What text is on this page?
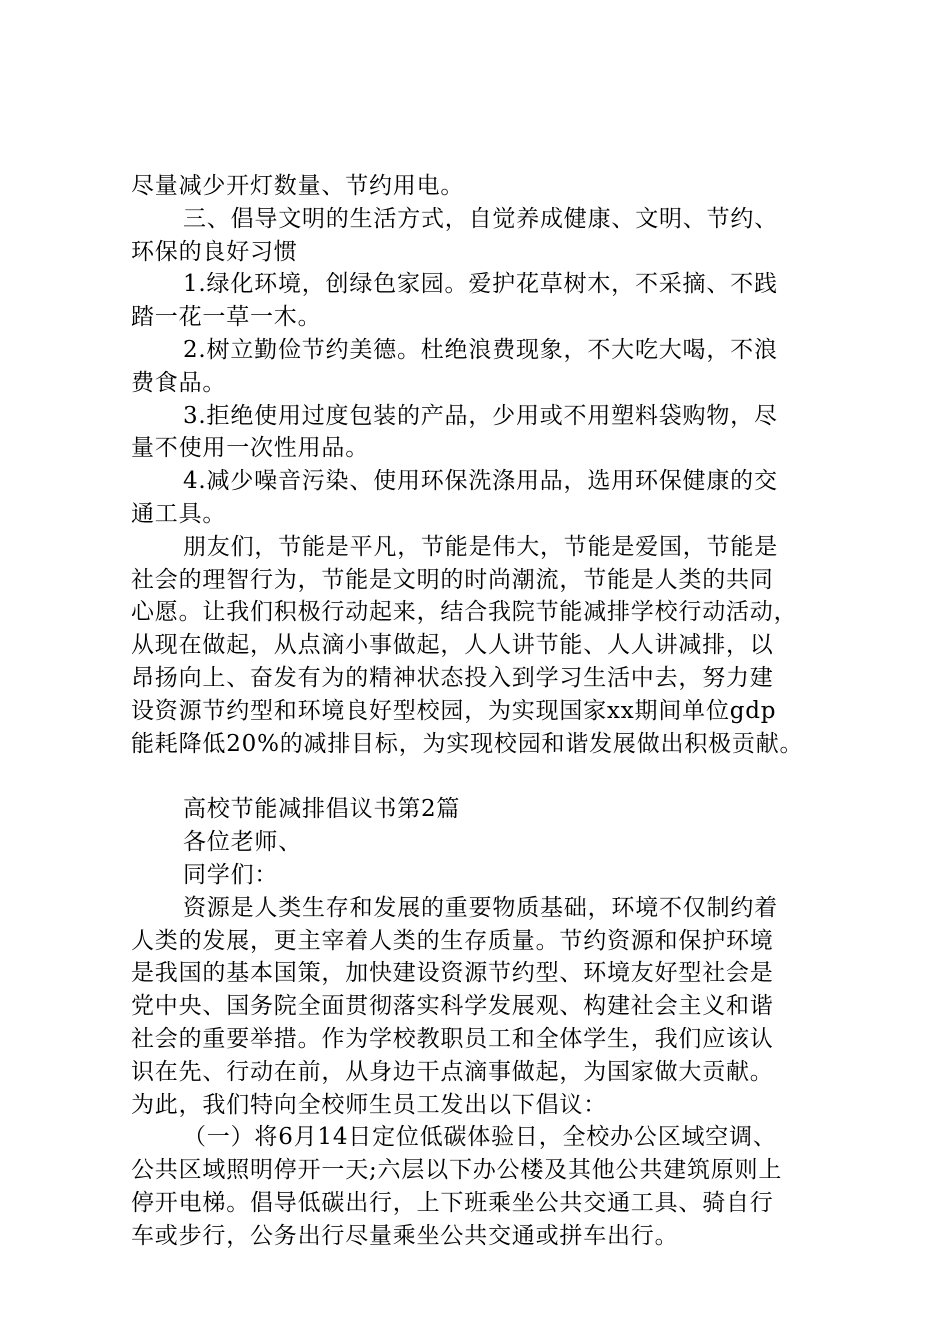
尽量减少开灯数量、节约用电。
三、倡导文明的生活方式，自觉养成健康、文明、节约、
环保的良好习惯
1.绿化环境，创绿色家园。爱护花草树木，不采摘、不践
踏一花一草一木。
2.树立勤俭节约美德。杜绝浪费现象，不大吃大喝，不浪
费食品。
3.拒绝使用过度包装的产品，少用或不用塑料袋购物，尽
量不使用一次性用品。
4.减少噪音污染、使用环保洗涤用品，选用环保健康的交
通工具。
朋友们，节能是平凡，节能是伟大，节能是爱国，节能是
社会的理智行为，节能是文明的时尚潮流，节能是人类的共同
心愿。让我们积极行动起来，结合我院节能减排学校行动活动，
从现在做起，从点滴小事做起，人人讲节能、人人讲减排，以
昂扬向上、奋发有为的精神状态投入到学习生活中去，努力建
设资源节约型和环境良好型校园，为实现国家xx期间单位gdp
能耗降低20%的减排目标，为实现校园和谐发展做出积极贡献。
高校节能减排倡议书第2篇
各位老师、
同学们：
资源是人类生存和发展的重要物质基础，环境不仅制约着
人类的发展，更主宰着人类的生存质量。节约资源和保护环境
是我国的基本国策，加快建设资源节约型、环境友好型社会是
党中央、国务院全面贯彻落实科学发展观、构建社会主义和谐
社会的重要举措。作为学校教职员工和全体学生，我们应该认
识在先、行动在前，从身边干点滴事做起，为国家做大贡献。
为此，我们特向全校师生员工发出以下倡议：
（一）将6月14日定位低碳体验日，全校办公区域空调、
公共区域照明停开一天;六层以下办公楼及其他公共建筑原则上
停开电梯。倡导低碳出行，上下班乘坐公共交通工具、骑自行
车或步行，公务出行尽量乘坐公共交通或拼车出行。
